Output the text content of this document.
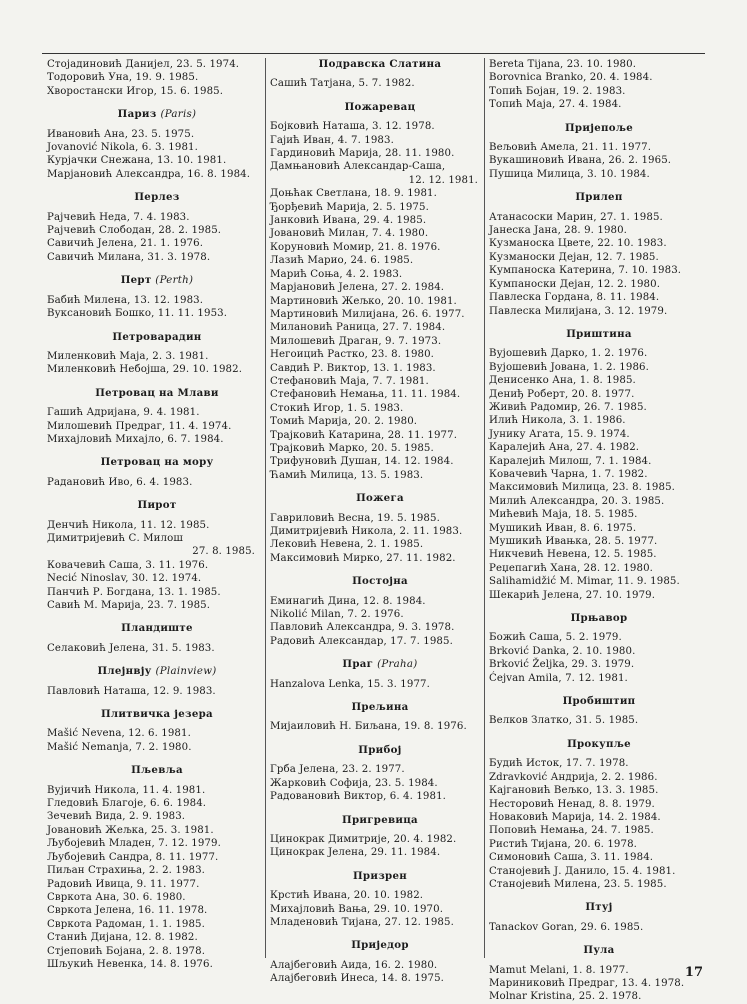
Стојадиновић Данијел, 23. 5. 1974.
Тодоровић Уна, 19. 9. 1985.
Хворостански Игор, 15. 6. 1985.
Париз (Paris)
Ивановић Ана, 23. 5. 1975.
Jovanović Nikola, 6. 3. 1981.
Курјачки Снежана, 13. 10. 1981.
Марјановић Александра, 16. 8. 1984.
Перлез
Рајчевић Неда, 7. 4. 1983.
Рајчевић Слободан, 28. 2. 1985.
Савичић Јелена, 21. 1. 1976.
Савичић Милана, 31. 3. 1978.
Перт (Perth)
Бабић Милена, 13. 12. 1983.
Вуксановић Бошко, 11. 11. 1953.
Петроварадин
Миленковић Маја, 2. 3. 1981.
Миленковић Небојша, 29. 10. 1982.
Петровац на Млави
Гашић Адријана, 9. 4. 1981.
Милошевић Предраг, 11. 4. 1974.
Михајловић Михајло, 6. 7. 1984.
Петровац на мору
Радановић Иво, 6. 4. 1983.
Пирот
Денчић Никола, 11. 12. 1985.
Димитријевић С. Милош
27. 8. 1985.
Ковачевић Саша, 3. 11. 1976.
Necić Ninoslav, 30. 12. 1974.
Панчић Р. Богдана, 13. 1. 1985.
Савић М. Марија, 23. 7. 1985.
Пландиште
Селаковић Јелена, 31. 5. 1983.
Плејнвју (Plainview)
Павловић Наташа, 12. 9. 1983.
Плитвичка језера
Mašić Nevena, 12. 6. 1981.
Mašić Nemanja, 7. 2. 1980.
Пљевља
Вујичић Никола, 11. 4. 1981.
Гледовић Благоје, 6. 6. 1984.
Зечевић Вида, 2. 9. 1983.
Јовановић Жељка, 25. 3. 1981.
Љубојевић Младен, 7. 12. 1979.
Љубојевић Сандра, 8. 11. 1977.
Пиљан Страхиња, 2. 2. 1983.
Радовић Ивица, 9. 11. 1977.
Свркота Ана, 30. 6. 1980.
Свркота Јелена, 16. 11. 1978.
Свркота Радоман, 1. 1. 1985.
Станић Дијана, 12. 8. 1982.
Стјеповић Бојана, 2. 8. 1978.
Шљукић Невенка, 14. 8. 1976.
Подравска Слатина
Сашић Татјана, 5. 7. 1982.
Пожаревац
Бојковић Наташа, 3. 12. 1978.
Гајић Иван, 4. 7. 1983.
Гардиновић Марија, 28. 11. 1980.
Дамњановић Александар-Саша,
12. 12. 1981.
Доњћак Светлана, 18. 9. 1981.
Ђорђевић Марија, 2. 5. 1975.
Јанковић Ивана, 29. 4. 1985.
Јовановић Милан, 7. 4. 1980.
Коруновић Момир, 21. 8. 1976.
Лазић Марио, 24. 6. 1985.
Марић Соња, 4. 2. 1983.
Марјановић Јелена, 27. 2. 1984.
Мартиновић Жељко, 20. 10. 1981.
Мартиновић Милијана, 26. 6. 1977.
Милановић Раница, 27. 7. 1984.
Милошевић Драган, 9. 7. 1973.
Негоицић Растко, 23. 8. 1980.
Савдић Р. Виктор, 13. 1. 1983.
Стефановић Маја, 7. 7. 1981.
Стефановић Немања, 11. 11. 1984.
Стокић Игор, 1. 5. 1983.
Томић Марија, 20. 2. 1980.
Трајковић Катарина, 28. 11. 1977.
Трајковић Марко, 20. 5. 1985.
Трифуновић Душан, 14. 12. 1984.
Ћамић Милица, 13. 5. 1983.
Пожега
Гавриловић Весна, 19. 5. 1985.
Димитријевић Никола, 2. 11. 1983.
Лековић Невена, 2. 1. 1985.
Максимовић Мирко, 27. 11. 1982.
Постојна
Еминагић Дина, 12. 8. 1984.
Nikolić Milan, 7. 2. 1976.
Павловић Александра, 9. 3. 1978.
Радовић Александар, 17. 7. 1985.
Праг (Praha)
Hanzalova Lenka, 15. 3. 1977.
Прељина
Мијаиловић Н. Биљана, 19. 8. 1976.
Прибој
Грба Јелена, 23. 2. 1977.
Жарковић Софија, 23. 5. 1984.
Радовановић Виктор, 6. 4. 1981.
Пригревица
Цинокрак Димитрије, 20. 4. 1982.
Цинокрак Јелена, 29. 11. 1984.
Призрен
Крстић Ивана, 20. 10. 1982.
Михајловић Вања, 29. 10. 1970.
Младеновић Тијана, 27. 12. 1985.
Приједор
Алајбеговић Аида, 16. 2. 1980.
Алајбеговић Инеса, 14. 8. 1975.
Bereta Tijana, 23. 10. 1980.
Borovnica Branko, 20. 4. 1984.
Топић Бојан, 19. 2. 1983.
Топић Маја, 27. 4. 1984.
Пријепоље
Вељовић Амела, 21. 11. 1977.
Вукашиновић Ивана, 26. 2. 1965.
Пушица Милица, 3. 10. 1984.
Прилеп
Атанасоски Марин, 27. 1. 1985.
Јанеска Јана, 28. 9. 1980.
Кузманоска Цвете, 22. 10. 1983.
Кузманоски Дејан, 12. 7. 1985.
Кумпаноска Катерина, 7. 10. 1983.
Кумпаноски Дејан, 12. 2. 1980.
Павлеска Гордана, 8. 11. 1984.
Павлеска Милијана, 3. 12. 1979.
Приштина
Вујошевић Дарко, 1. 2. 1976.
Вујошевић Јована, 1. 2. 1986.
Денисенко Ана, 1. 8. 1985.
Дениђ Роберт, 20. 8. 1977.
Живић Радомир, 26. 7. 1985.
Илић Никола, 3. 1. 1986.
Јунику Агата, 15. 9. 1974.
Каралејић Ана, 27. 4. 1982.
Каралејић Милош, 7. 1. 1984.
Ковачевић Чарна, 1. 7. 1982.
Максимовић Милица, 23. 8. 1985.
Милић Александра, 20. 3. 1985.
Мићевић Маја, 18. 5. 1985.
Мушикић Иван, 8. 6. 1975.
Мушикић Ивањка, 28. 5. 1977.
Никчевић Невена, 12. 5. 1985.
Реџепагић Хана, 28. 12. 1980.
Salihamidžić M. Mimar, 11. 9. 1985.
Шекарић Јелена, 27. 10. 1979.
Прњавор
Божић Саша, 5. 2. 1979.
Brković Danka, 2. 10. 1980.
Brković Željka, 29. 3. 1979.
Ćejvan Amila, 7. 12. 1981.
Пробиштип
Велков Златко, 31. 5. 1985.
Прокупље
Будић Исток, 17. 7. 1978.
Zdravković Андрија, 2. 2. 1986.
Кајгановић Вељко, 13. 3. 1985.
Несторовић Ненад, 8. 8. 1979.
Новаковић Марија, 14. 2. 1984.
Поповић Немања, 24. 7. 1985.
Ристић Тијана, 20. 6. 1978.
Симоновић Саша, 3. 11. 1984.
Станојевић Ј. Данило, 15. 4. 1981.
Станојевић Милена, 23. 5. 1985.
Птуј
Tanackov Goran, 29. 6. 1985.
Пула
Mamut Melani, 1. 8. 1977.
Мариниковић Предраг, 13. 4. 1978.
Molnar Kristina, 25. 2. 1978.
17
